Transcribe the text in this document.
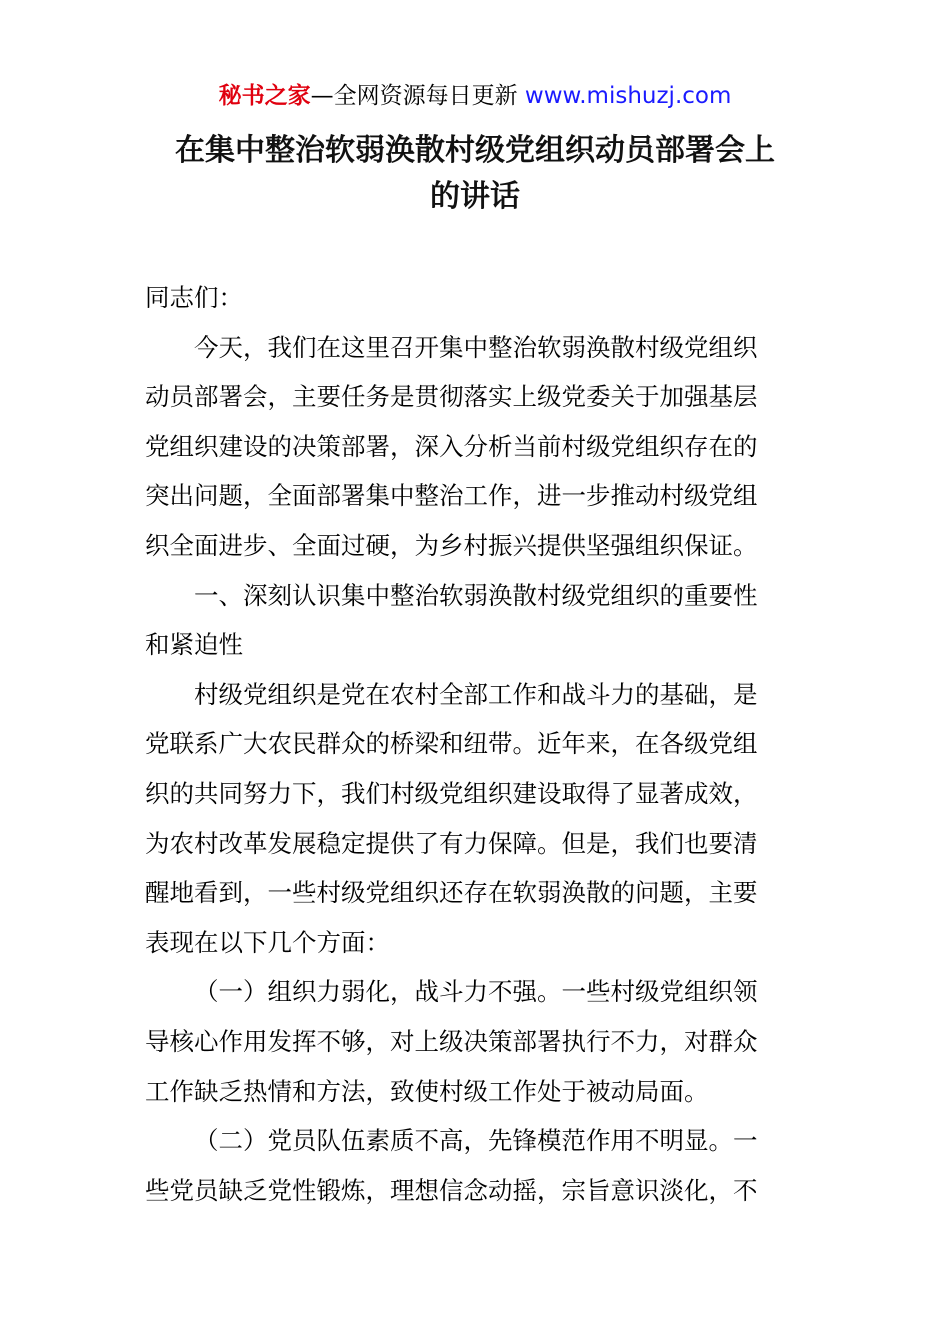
秘书之家—全网资源每日更新 www.mishuzj.com
在集中整治软弱涣散村级党组织动员部署会上
的讲话
同志们：
今天，我们在这里召开集中整治软弱涣散村级党组织
动员部署会，主要任务是贯彻落实上级党委关于加强基层
党组织建设的决策部署，深入分析当前村级党组织存在的
突出问题，全面部署集中整治工作，进一步推动村级党组
织全面进步、全面过硬，为乡村振兴提供坚强组织保证。
一、深刻认识集中整治软弱涣散村级党组织的重要性
和紧迫性
村级党组织是党在农村全部工作和战斗力的基础，是
党联系广大农民群众的桥梁和纽带。近年来，在各级党组
织的共同努力下，我们村级党组织建设取得了显著成效，
为农村改革发展稳定提供了有力保障。但是，我们也要清
醒地看到，一些村级党组织还存在软弱涣散的问题，主要
表现在以下几个方面：
（一）组织力弱化，战斗力不强。一些村级党组织领
导核心作用发挥不够，对上级决策部署执行不力，对群众
工作缺乏热情和方法，致使村级工作处于被动局面。
（二）党员队伍素质不高，先锋模范作用不明显。一
些党员缺乏党性锻炼，理想信念动摇，宗旨意识淡化，不
